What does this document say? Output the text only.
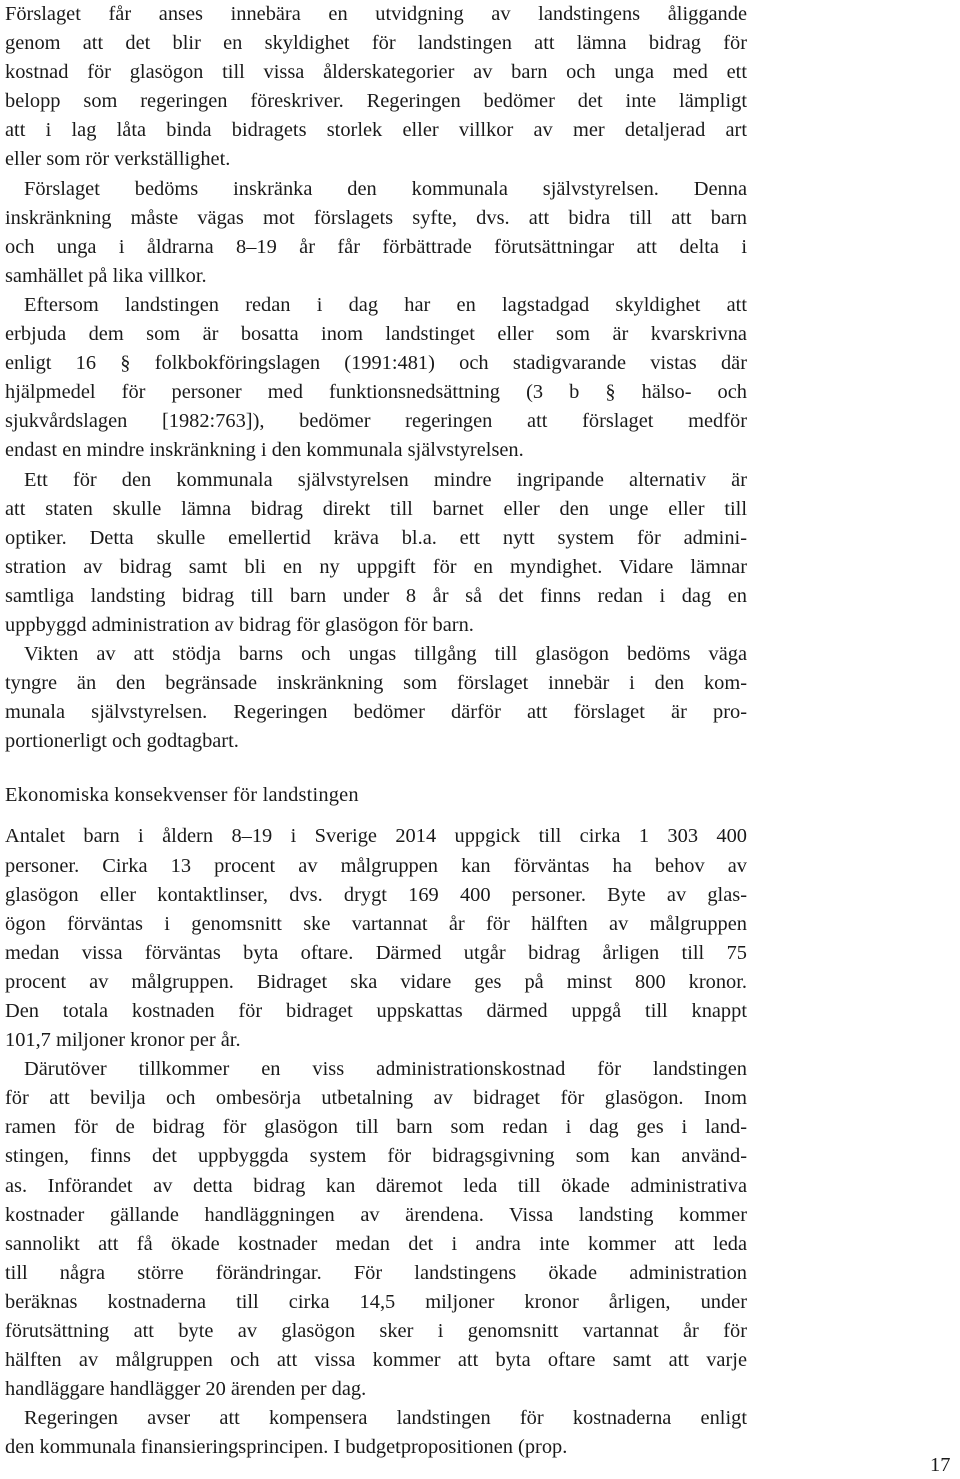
Förslaget får anses innebära en utvidgning av landstingens åliggande
genom att det blir en skyldighet för landstingen att lämna bidrag för
kostnad för glasögon till vissa ålderskategorier av barn och unga med ett
belopp som regeringen föreskriver. Regeringen bedömer det inte lämpligt
att i lag låta binda bidragets storlek eller villkor av mer detaljerad art
eller som rör verkställighet.

Förslaget bedöms inskränka den kommunala självstyrelsen. Denna
inskränkning måste vägas mot förslagets syfte, dvs. att bidra till att barn
och unga i åldrarna 8–19 år får förbättrade förutsättningar att delta i
samhället på lika villkor.

Eftersom landstingen redan i dag har en lagstadgad skyldighet att
erbjuda dem som är bosatta inom landstinget eller som är kvarskrivna
enligt 16 § folkbokföringslagen (1991:481) och stadigvarande vistas där
hjälpmedel för personer med funktionsnedsättning (3 b § hälso- och
sjukvårdslagen [1982:763]), bedömer regeringen att förslaget medför
endast en mindre inskränkning i den kommunala självstyrelsen.

Ett för den kommunala självstyrelsen mindre ingripande alternativ är
att staten skulle lämna bidrag direkt till barnet eller den unge eller till
optiker. Detta skulle emellertid kräva bl.a. ett nytt system för admini-
stration av bidrag samt bli en ny uppgift för en myndighet. Vidare lämnar
samtliga landsting bidrag till barn under 8 år så det finns redan i dag en
uppbyggd administration av bidrag för glasögon för barn.

Vikten av att stödja barns och ungas tillgång till glasögon bedöms väga
tyngre än den begränsade inskränkning som förslaget innebär i den kom-
munala självstyrelsen. Regeringen bedömer därför att förslaget är pro-
portionerligt och godtagbart.

Ekonomiska konsekvenser för landstingen

Antalet barn i åldern 8–19 i Sverige 2014 uppgick till cirka 1 303 400
personer. Cirka 13 procent av målgruppen kan förväntas ha behov av
glasögon eller kontaktlinser, dvs. drygt 169 400 personer. Byte av glas-
ögon förväntas i genomsnitt ske vartannat år för hälften av målgruppen
medan vissa förväntas byta oftare. Därmed utgår bidrag årligen till 75
procent av målgruppen. Bidraget ska vidare ges på minst 800 kronor.
Den totala kostnaden för bidraget uppskattas därmed uppgå till knappt
101,7 miljoner kronor per år.

Därutöver tillkommer en viss administrationskostnad för landstingen
för att bevilja och ombesörja utbetalning av bidraget för glasögon. Inom
ramen för de bidrag för glasögon till barn som redan i dag ges i land-
stingen, finns det uppbyggda system för bidragsgivning som kan använd-
as. Införandet av detta bidrag kan däremot leda till ökade administrativa
kostnader gällande handläggningen av ärendena. Vissa landsting kommer
sannolikt att få ökade kostnader medan det i andra inte kommer att leda
till några större förändringar. För landstingens ökade administration
beräknas kostnaderna till cirka 14,5 miljoner kronor årligen, under
förutsättning att byte av glasögon sker i genomsnitt vartannat år för
hälften av målgruppen och att vissa kommer att byta oftare samt att varje
handläggare handlägger 20 ärenden per dag.

Regeringen avser att kompensera landstingen för kostnaderna enligt
den kommunala finansieringsprincipen. I budgetpropositionen (prop.

17
